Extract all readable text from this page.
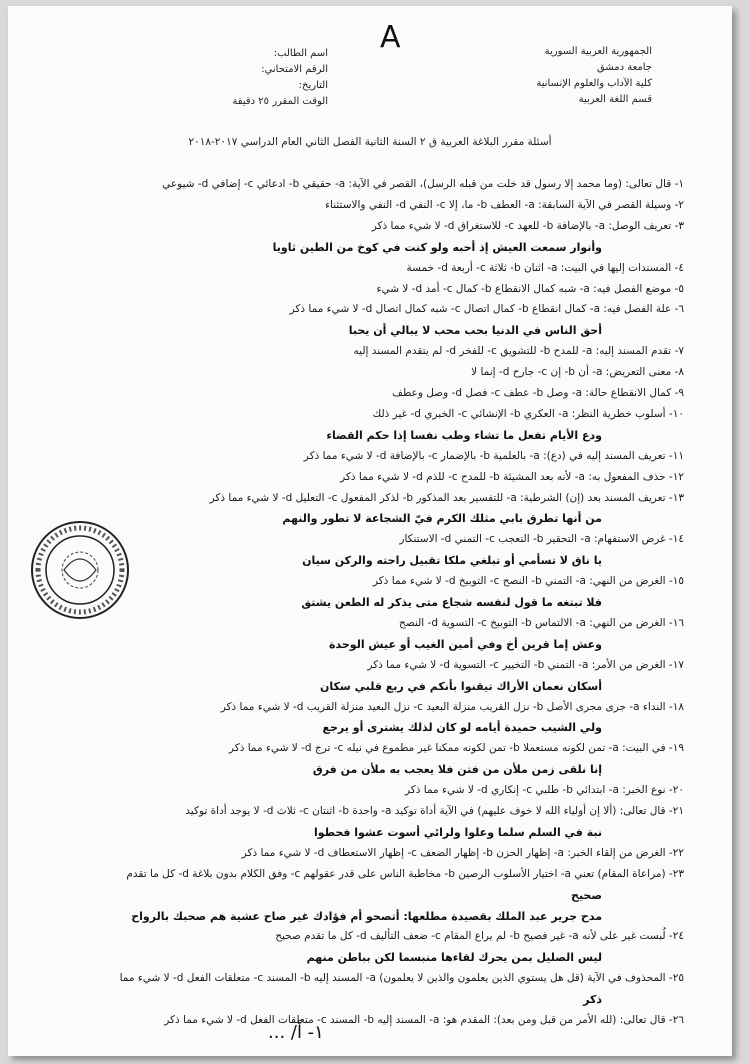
A	الجمهورية العربية السورية
جامعة دمشق
كلية الآداب والعلوم الإنسانية
قسم اللغة العربية
اسم الطالب:
الرقم الامتحاني:
التاريخ:
الوقت المقرر ٢٥ دقيقة
أسئلة مقرر البلاغة العربية ق ٢ السنة الثانية الفصل الثاني العام الدراسي ٢٠١٧-٢٠١٨
١- قال تعالى: (وما محمد إلا رسول قد خلت من قبله الرسل)، القصر في الآية: a- حقيقي b- ادعائي c- إضافي d- شيوعي
٢- وسيلة القصر في الآية السابقة: a- العطف b- ما، إلا c- النفي d- النفي والاستثناء
٣- تعريف الوصل: a- بالإضافة b- للعهد c- للاستغراق d- لا شيء مما ذكر
وأنوار سمعت العيش إذ أحبه ولو كنت في كوخ من الطين ثاويا
٤- المسندات إليها في البيت: a- اثنان b- ثلاثة c- أربعة d- خمسة
٥- موضع الفصل فيه: a- شبه كمال الانقطاع b- كمال c- أمد d- لا شيء
٦- علة الفصل فيه: a- كمال انقطاع b- كمال اتصال c- شبه كمال اتصال d- لا شيء مما ذكر
أحق الناس في الدنيا بحب محب لا يبالي أن يحبا
٧- تقدم المسند إليه: a- للمدح b- للتشويق c- للفخر d- لم يتقدم المسند إليه
٨- معنى التعريض: a- أن b- إن c- جارح d- إنما لا
٩- كمال الانقطاع حالة: a- وصل b- عطف c- فصل d- وصل وعطف
١٠- أسلوب خطرية النظر: a- العكري b- الإنشائي c- الخبري d- غير ذلك
ودع الأيام تفعل ما تشاء وطب نفسا إذا حكم القضاء
١١- تعريف المسند إليه في (دع): a- بالعلمية b- بالإضمار c- بالإضافة d- لا شيء مما ذكر
١٢- حذف المفعول به: a- لأنه بعد المشيئة b- للمدح c- للذم d- لا شيء مما ذكر
١٣- تعريف المسند بعد (إن) الشرطية: a- للتفسير بعد المذكور b- لذكر المفعول c- التعليل d- لا شيء مما ذكر
من أنها تطرق بابي مثلك الكرم فيّ الشجاعة لا تطور والنهم
١٤- غرض الاستفهام: a- التحقير b- التعجب c- التمني d- الاستنكار
يا ناق لا تسأمي أو تبلغي ملكا تقبيل راحته والركن سيان
١٥- الغرض من النهي: a- التمني b- النصح c- التوبيخ d- لا شيء مما ذكر
فلا تبتغه ما قول لنفسه شجاع متى يذكر له الطعن يشتق
١٦- الغرض من النهي: a- الالتماس b- التوبيخ c- التسوية d- النصح
وعش إما قرين أخ وفي أمين الغيب أو عيش الوحدة
١٧- الغرض من الأمر: a- التمني b- التخيير c- التسوية d- لا شيء مما ذكر
أسكان نعمان الأراك تيقنوا بأنكم في ربع قلبي سكان
١٨- النداء a- جرى مجرى الأصل b- نزل القريب منزلة البعيد c- نزل البعيد منزلة القريب d- لا شيء مما ذكر
ولي الشيب حميدة أيامه لو كان لذلك يشترى أو يرجع
١٩- في البيت: a- تمن لكونه مستعملا b- تمن لكونه ممكنا غير مطموع في نيله c- ترج d- لا شيء مما ذكر
إنا نلقى زمن ملأن من فتن فلا يعجب به ملأن من فرق
٢٠- نوع الخبر: a- ابتدائي b- طلبي c- إنكاري d- لا شيء مما ذكر
٢١- قال تعالى: (ألا إن أولياء الله لا خوف عليهم) في الآية أداة توكيد a- واحدة b- اثنتان c- ثلاث d- لا يوجد أداة توكيد
نبة في السلم سلما وعلوا ولرائي أسوت عشوا فحطوا
٢٢- الغرض من إلقاء الخبر: a- إظهار الحزن b- إظهار الضعف c- إظهار الاستعطاف d- لا شيء مما ذكر
٢٣- (مراعاة المقام) تعني a- اختيار الأسلوب الرصين b- مخاطبة الناس على قدر عقولهم c- وفق الكلام بدون بلاغة d- كل ما تقدم
صحيح
مدح جرير عبد الملك بقصيدة مطلعها: أتصحو أم فؤادك غير صاح عشية هم صحبك بالرواح
٢٤- لُبست غير على لأنه a- غير فصيح b- لم يراع المقام c- ضعف التأليف d- كل ما تقدم صحيح
ليس الصليل بمن يحرك لقاءها منبسما لكن بباطن منهم
٢٥- المحذوف في الآية (قل هل يستوي الذين يعلمون والذين لا يعلمون) a- المسند إليه b- المسند c- متعلقات الفعل d- لا شيء مما
ذكر
٢٦- قال تعالى: (لله الأمر من قبل ومن بعد): المقدم هو: a- المسند إليه b- المسند c- متعلقات الفعل d- لا شيء مما ذكر
١- أ/ ...
